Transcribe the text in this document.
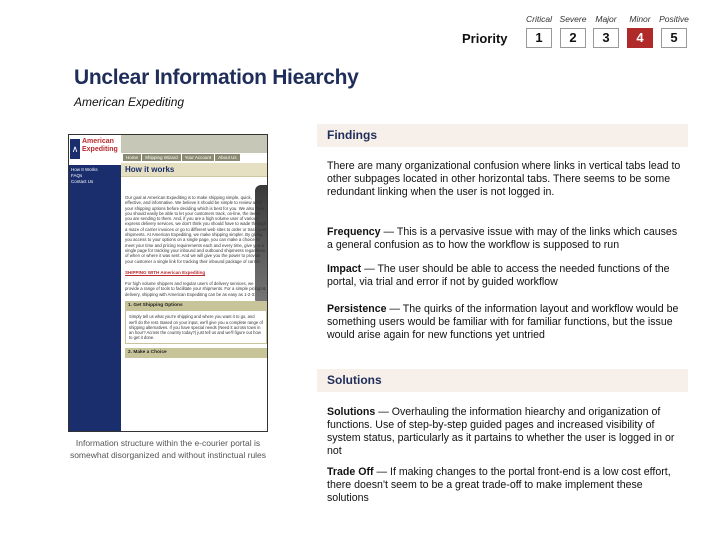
Priority
Critical
1
Severe
2
Major
3
Minor
4
Positive
5
Unclear Information Hiearchy
American Expediting
∧
American
Expediting
How It Works
FAQs
Contact Us
Home	Shipping Wizard	Your Account	About Us
How it works

Our goal at American Expediting is to make shipping simple, quick, effective, and informative. We believe it should be simple to review all of your shipping options before deciding which is best for you. We also think you should easily be able to let your customers track, on-line, the items you are sending to them. And, if you are a high volume user of various express delivery services, we don't think you should have to wade through a maze of carrier invoices or go to different web sites to order or track your shipments. At American Expediting, we make shipping simpler. By giving you access to your options on a single page, you can make a choice to meet your time and pricing requirements each and every time, give you a single page for tracking your inbound and outbound shipments regardless of when or where it was sent. And we will give you the power to provide your customer a single link for tracking their inbound package of carrier.

SHIPPING WITH American Expediting

For high volume shippers and regular users of delivery services, we provide a range of tools to facilitate your shipments. For a simple pickup & delivery, shipping with American Expediting can be as easy as 1-2-3:

1. Get Shipping Options
Simply tell us what you're shipping and where you want it to go, and we'll do the rest. Based on your input, we'll give you a complete range of shipping alternatives. If you have special needs (Need it across town in an hour? Across the country today?) just tell us and we'll figure out how to get it done.
2. Make a Choice
Information structure within the e-courier portal is somewhat disorganized and without instinctual rules
Findings
There are many organizational confusion where links in vertical tabs lead to other subpages located in other horizontal tabs. There seems to be some redundant linking when the user is not logged in.
Frequency — This is a pervasive issue with may of the links which causes a general confusion as to how the workflow is supposed to run
Impact — The user should be able to access the needed functions of the portal, via trial and error if not by guided workflow
Persistence — The quirks of the information layout and workflow would be something users would be familiar with for familiar functions, but the issue would arise again for new functions yet untried
Solutions
Solutions — Overhauling the information hiearchy and origanization of functions. Use of step-by-step guided pages and increased visibility of system status, particularly as it partains to whether the user is logged in or not
Trade Off — If making changes to the portal front-end is a low cost effort, there doesn't seem to be a great trade-off to make implement these solutions
